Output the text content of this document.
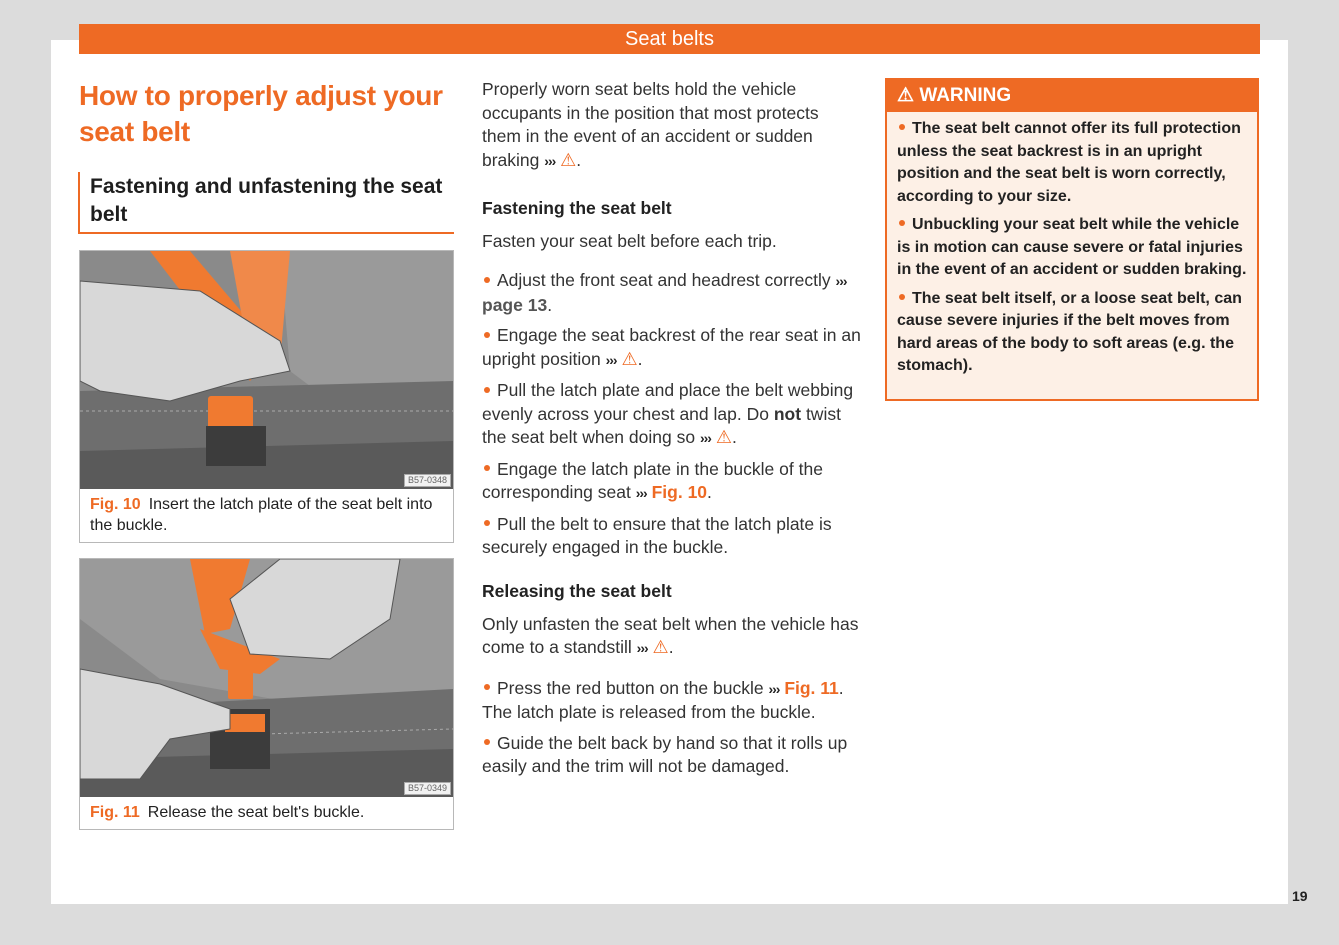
Seat belts
How to properly adjust your seat belt
Fastening and unfastening the seat belt
B57-0348
Fig. 10 Insert the latch plate of the seat belt into the buckle.
B57-0349
Fig. 11 Release the seat belt's buckle.

Properly worn seat belts hold the vehicle occupants in the position that most protects them in the event of an accident or sudden braking ››› ⚠.

Fastening the seat belt

Fasten your seat belt before each trip.

Adjust the front seat and headrest correctly ››› page 13.

Engage the seat backrest of the rear seat in an upright position ››› ⚠.

Pull the latch plate and place the belt webbing evenly across your chest and lap. Do not twist the seat belt when doing so ››› ⚠.

Engage the latch plate in the buckle of the corresponding seat ››› Fig. 10.

Pull the belt to ensure that the latch plate is securely engaged in the buckle.

Releasing the seat belt

Only unfasten the seat belt when the vehicle has come to a standstill ››› ⚠.

Press the red button on the buckle ››› Fig. 11. The latch plate is released from the buckle.

Guide the belt back by hand so that it rolls up easily and the trim will not be damaged.

⚠ WARNING

The seat belt cannot offer its full protection unless the seat backrest is in an upright position and the seat belt is worn correctly, according to your size.

Unbuckling your seat belt while the vehicle is in motion can cause severe or fatal injuries in the event of an accident or sudden braking.

The seat belt itself, or a loose seat belt, can cause severe injuries if the belt moves from hard areas of the body to soft areas (e.g. the stomach).

19
